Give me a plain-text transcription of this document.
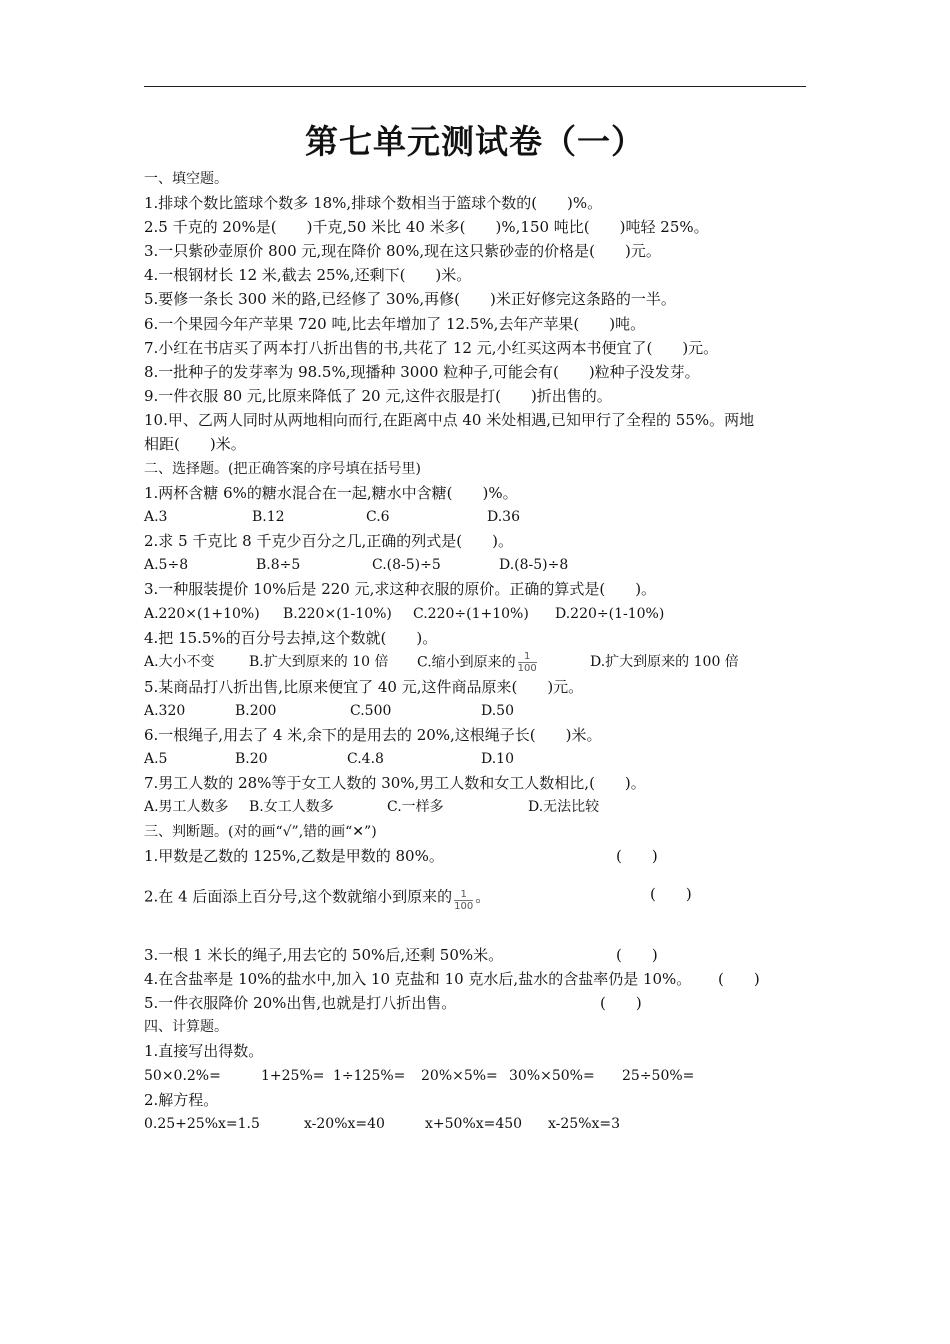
第七单元测试卷（一）
一、填空题。
1.排球个数比篮球个数多 18%,排球个数相当于篮球个数的(　　)%。
2.5 千克的 20%是(　　)千克,50 米比 40 米多(　　)%,150 吨比(　　)吨轻 25%。
3.一只紫砂壶原价 800 元,现在降价 80%,现在这只紫砂壶的价格是(　　)元。
4.一根钢材长 12 米,截去 25%,还剩下(　　)米。
5.要修一条长 300 米的路,已经修了 30%,再修(　　)米正好修完这条路的一半。
6.一个果园今年产苹果 720 吨,比去年增加了 12.5%,去年产苹果(　　)吨。
7.小红在书店买了两本打八折出售的书,共花了 12 元,小红买这两本书便宜了(　　)元。
8.一批种子的发芽率为 98.5%,现播种 3000 粒种子,可能会有(　　)粒种子没发芽。
9.一件衣服 80 元,比原来降低了 20 元,这件衣服是打(　　)折出售的。
10.甲、乙两人同时从两地相向而行,在距离中点 40 米处相遇,已知甲行了全程的 55%。两地
相距(　　)米。
二、选择题。(把正确答案的序号填在括号里)
1.两杯含糖 6%的糖水混合在一起,糖水中含糖(　　)%。
A.3	B.12	C.6	D.36
2.求 5 千克比 8 千克少百分之几,正确的列式是(　　)。
A.5÷8	B.8÷5	C.(8-5)÷5	D.(8-5)÷8
3.一种服装提价 10%后是 220 元,求这种衣服的原价。正确的算式是(　　)。
A.220×(1+10%) B.220×(1-10%) C.220÷(1+10%) D.220÷(1-10%)
4.把 15.5%的百分号去掉,这个数就(　　)。
A.大小不变 B.扩大到原来的 10 倍 C.缩小到原来的 $\frac{1}{100}$	D.扩大到原来的 100 倍
5.某商品打八折出售,比原来便宜了 40 元,这件商品原来(　　)元。
A.320	B.200	C.500	D.50
6.一根绳子,用去了 4 米,余下的是用去的 20%,这根绳子长(　　)米。
A.5	B.20	C.4.8	D.10
7.男工人数的 28%等于女工人数的 30%,男工人数和女工人数相比,(　　)。
A.男工人数多 B.女工人数多	C.一样多	D.无法比较
三、判断题。(对的画“√”,错的画“✕”)
1.甲数是乙数的 125%,乙数是甲数的 80%。	(　　)
2.在 4 后面添上百分号,这个数就缩小到原来的 $\frac{1}{100}$ 。	(　　)
3.一根 1 米长的绳子,用去它的 50%后,还剩 50%米。	(　　)
4.在含盐率是 10%的盐水中,加入 10 克盐和 10 克水后,盐水的含盐率仍是 10%。 (　　)
5.一件衣服降价 20%出售,也就是打八折出售。	(　　)
四、计算题。
1.直接写出得数。
50×0.2%=	1+25%= 1÷125%= 20%×5%= 30%×50%= 25÷50%=
2.解方程。
0.25+25%x=1.5	x-20%x=40	x+50%x=450 x-25%x=3
